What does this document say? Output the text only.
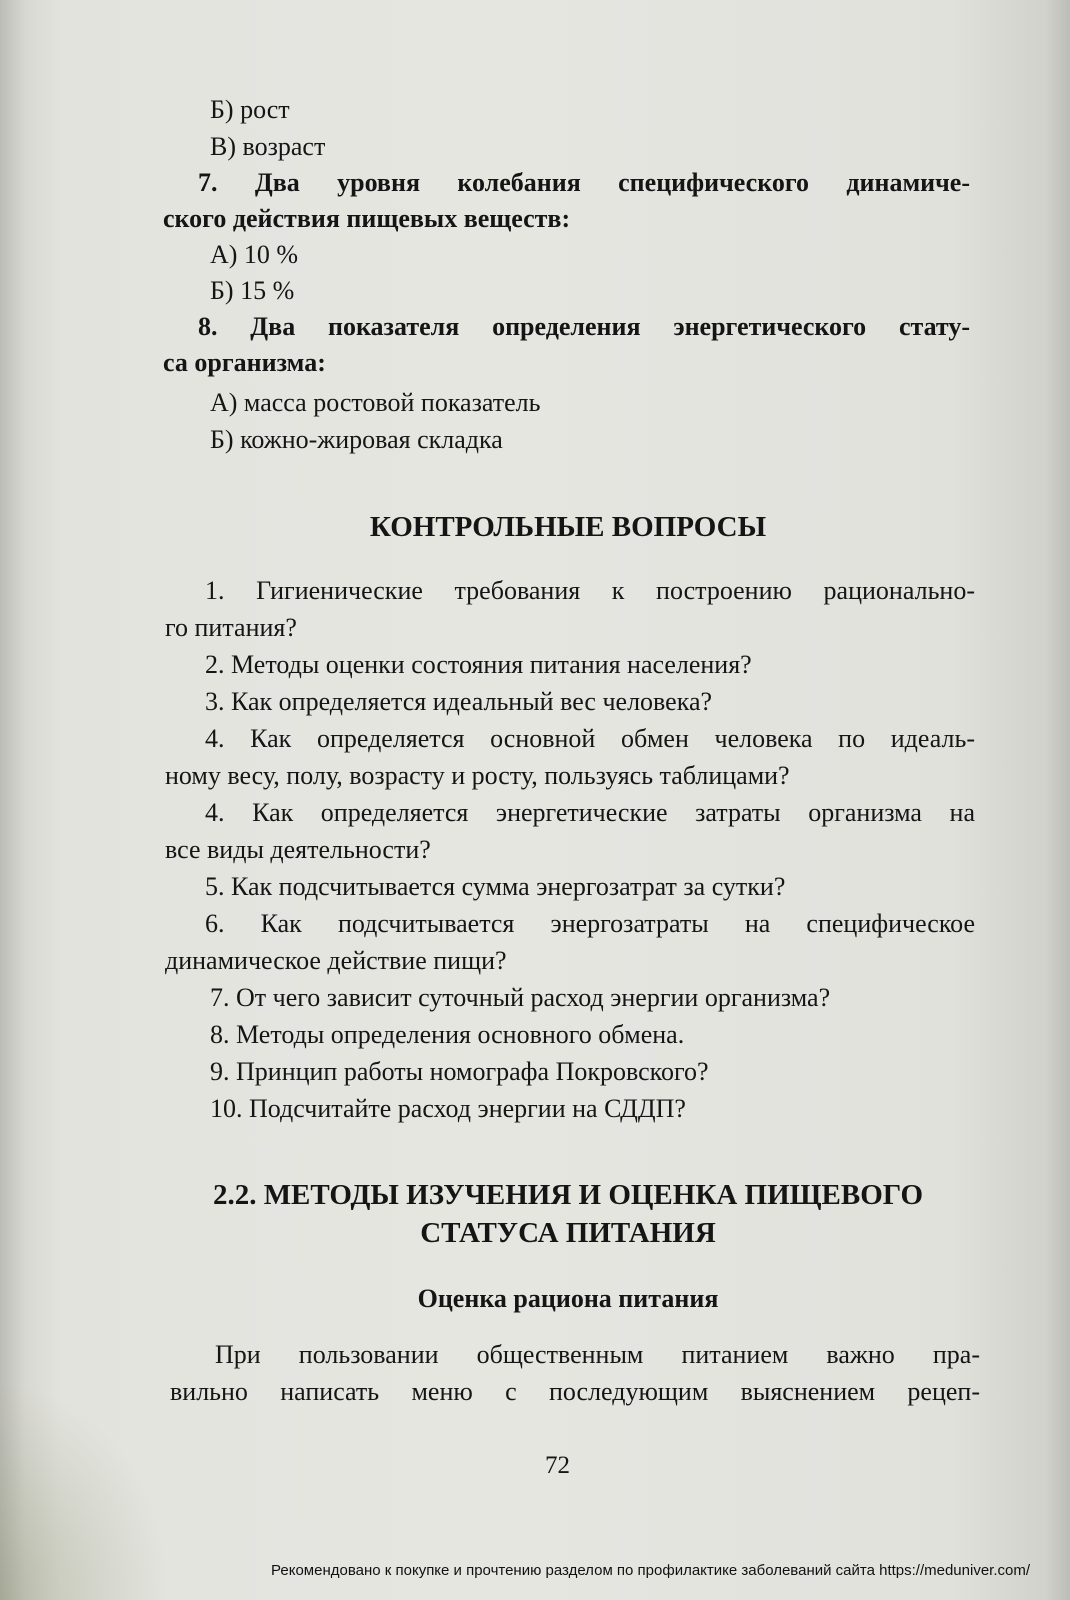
Б) рост
В) возраст
7. Два уровня колебания специфического динамиче-
ского действия пищевых веществ:
А) 10 %
Б) 15 %
8. Два показателя определения энергетического стату-
са организма:
А) масса ростовой показатель
Б) кожно-жировая складка
КОНТРОЛЬНЫЕ ВОПРОСЫ
1. Гигиенические требования к построению рационально-
го питания?
2. Методы оценки состояния питания населения?
3. Как определяется идеальный вес человека?
4. Как определяется основной обмен человека по идеаль-
ному весу, полу, возрасту и росту, пользуясь таблицами?
4. Как определяется энергетические затраты организма на
все виды деятельности?
5. Как подсчитывается сумма энергозатрат за сутки?
6. Как подсчитывается энергозатраты на специфическое
динамическое действие пищи?
7. От чего зависит суточный расход энергии организма?
8. Методы определения основного обмена.
9. Принцип работы номографа Покровского?
10. Подсчитайте расход энергии на СДДП?
2.2. МЕТОДЫ ИЗУЧЕНИЯ И ОЦЕНКА ПИЩЕВОГО
СТАТУСА ПИТАНИЯ
Оценка рациона питания
При пользовании общественным питанием важно пра-
вильно написать меню с последующим выяснением рецеп-
72
Рекомендовано к покупке и прочтению разделом по профилактике заболеваний сайта https://meduniver.com/
